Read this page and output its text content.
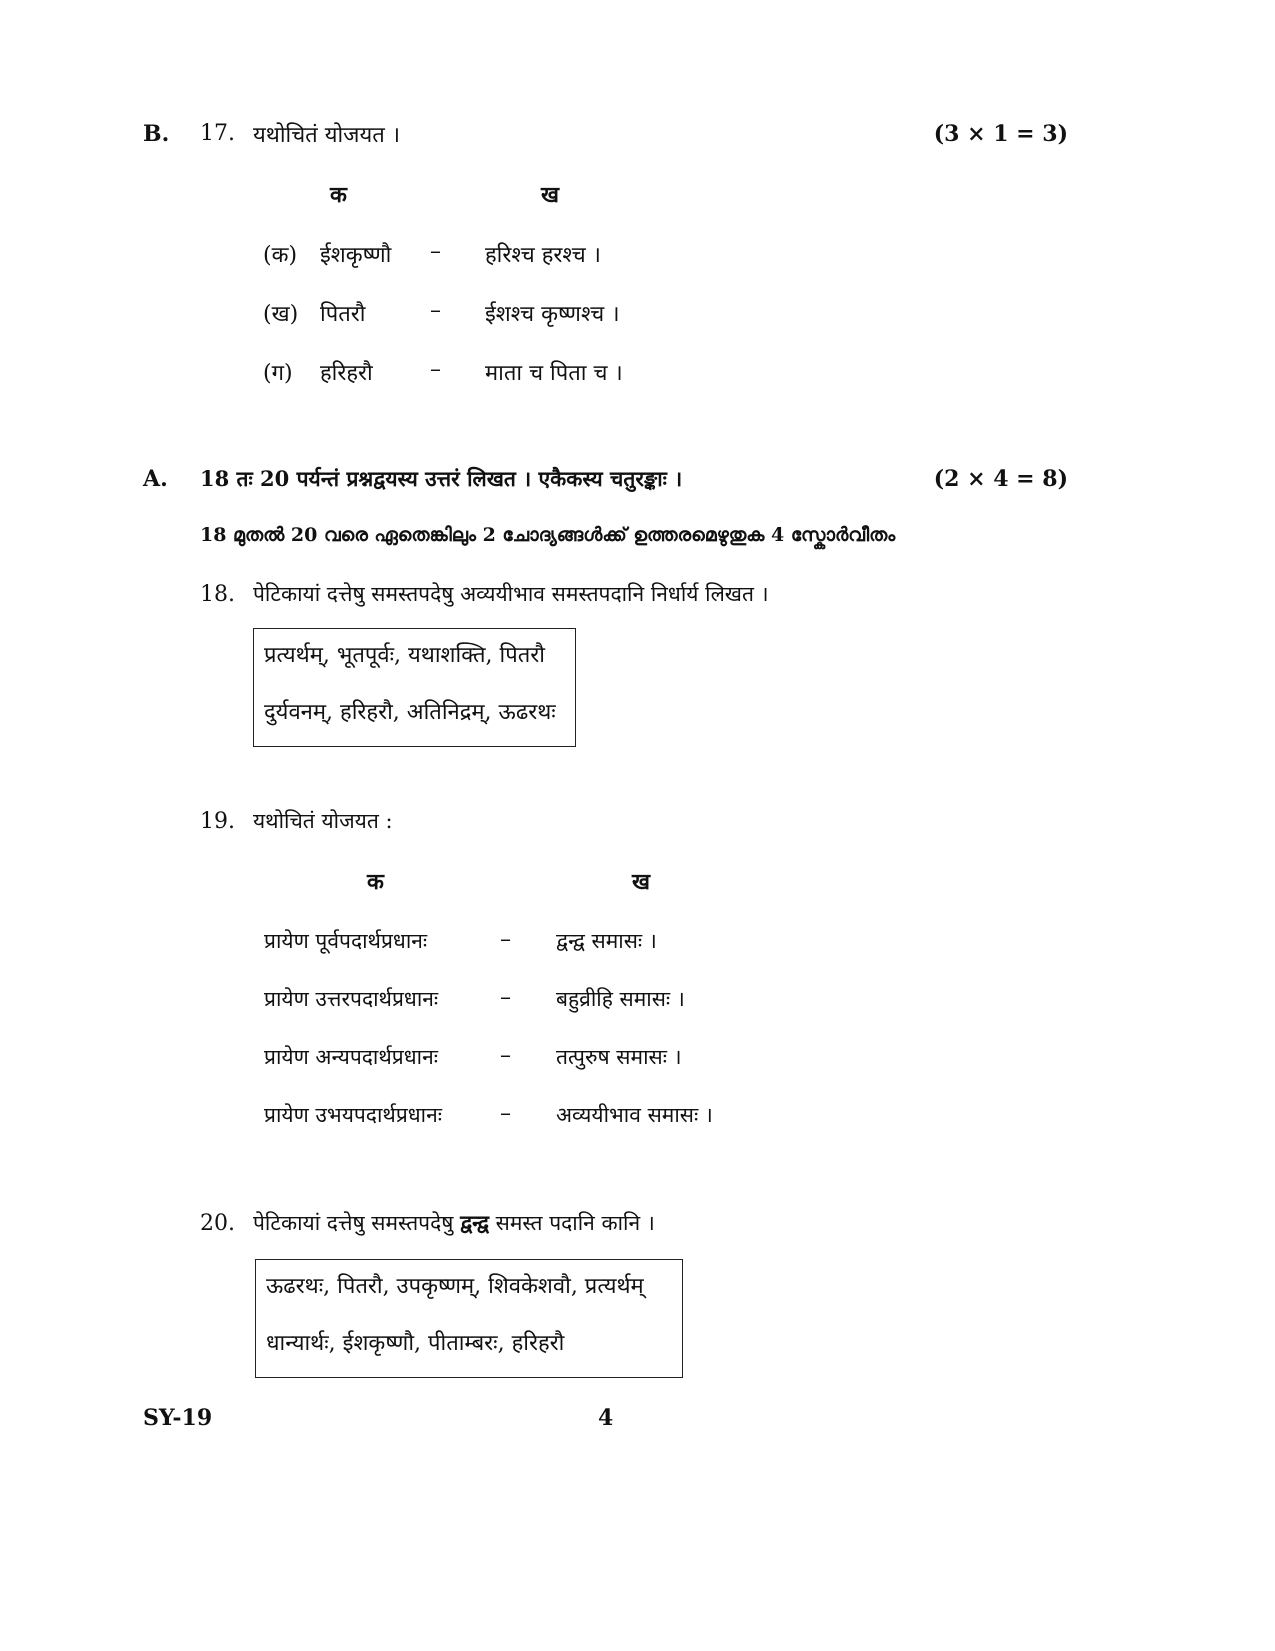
B. 17. यथोचितं योजयत ।	(3 × 1 = 3)
क	ख
(क) ईशकृष्णौ – हरिश्च हरश्च ।
(ख) पितरौ	– ईशश्च कृष्णश्च ।
(ग) हरिहरौ	– माता च पिता च ।
A. 18 तः 20 पर्यन्तं प्रश्नद्वयस्य उत्तरं लिखत । एकैकस्य चतुरङ्काः ।	(2 × 4 = 8)
18 മുതൽ 20 വരെ ഏതെങ്കിലും 2 ചോദ്യങ്ങൾക്ക് ഉത്തരമെഴുതുക 4 സ്കോർവീതം
18. पेटिकायां दत्तेषु समस्तपदेषु अव्ययीभाव समस्तपदानि निर्धार्य लिखत ।
प्रत्यर्थम्, भूतपूर्वः, यथाशक्ति, पितरौ
दुर्यवनम्, हरिहरौ, अतिनिद्रम्, ऊढरथः
19. यथोचितं योजयत :
क	ख
प्रायेण पूर्वपदार्थप्रधानः	– द्वन्द्व समासः ।
प्रायेण उत्तरपदार्थप्रधानः	– बहुव्रीहि समासः ।
प्रायेण अन्यपदार्थप्रधानः	– तत्पुरुष समासः ।
प्रायेण उभयपदार्थप्रधानः	– अव्ययीभाव समासः ।
20. पेटिकायां दत्तेषु समस्तपदेषु द्वन्द्व समस्त पदानि कानि ।
ऊढरथः, पितरौ, उपकृष्णम्, शिवकेशवौ, प्रत्यर्थम्
धान्यार्थः, ईशकृष्णौ, पीताम्बरः, हरिहरौ
SY-19	4
